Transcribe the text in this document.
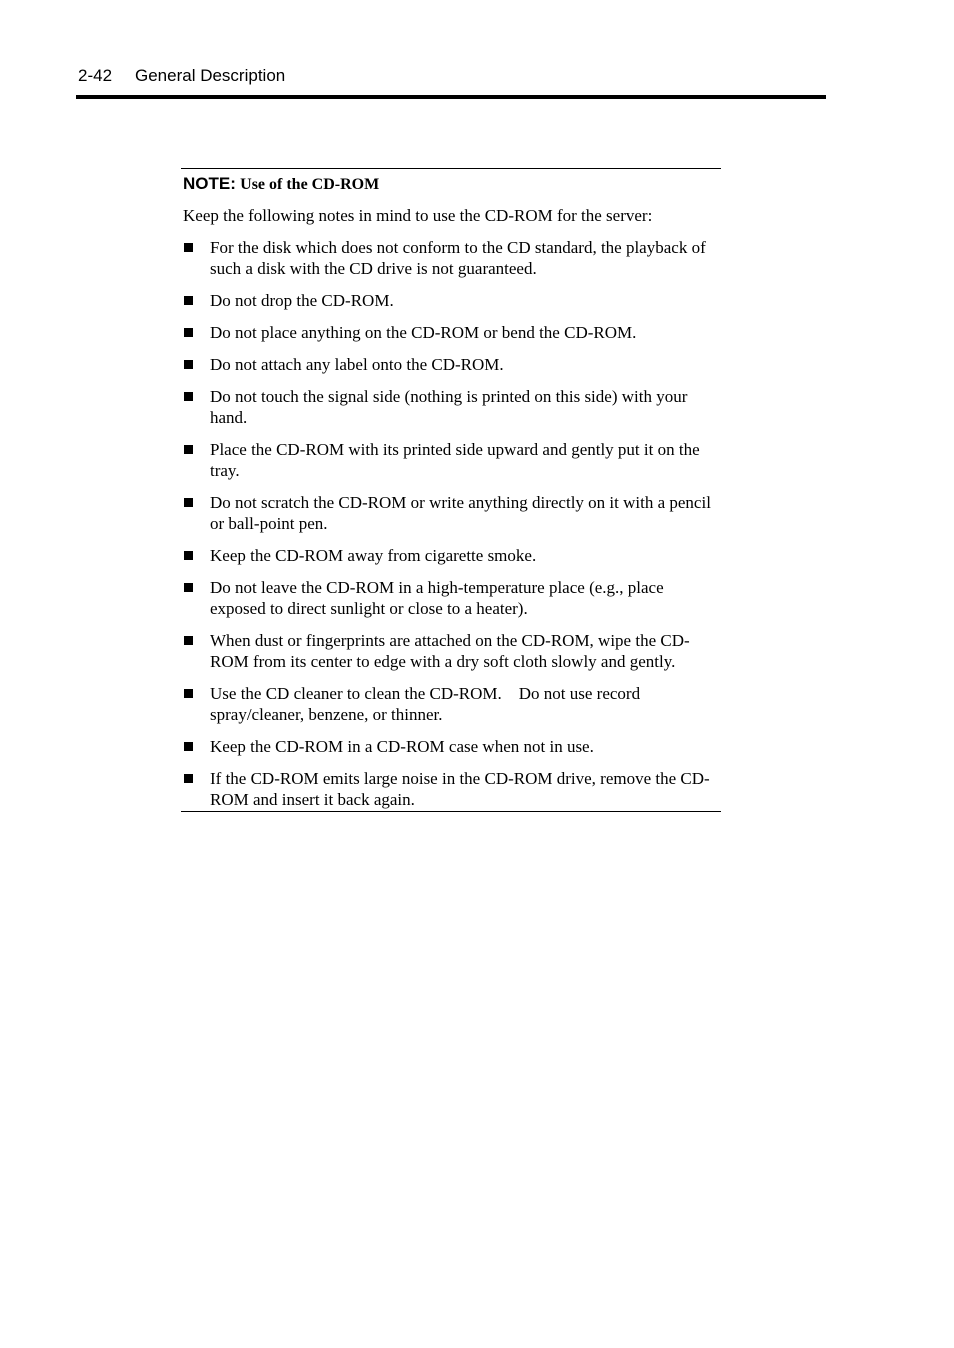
2-42 General Description
NOTE: Use of the CD-ROM
Keep the following notes in mind to use the CD-ROM for the server:
For the disk which does not conform to the CD standard, the playback of such a disk with the CD drive is not guaranteed.
Do not drop the CD-ROM.
Do not place anything on the CD-ROM or bend the CD-ROM.
Do not attach any label onto the CD-ROM.
Do not touch the signal side (nothing is printed on this side) with your hand.
Place the CD-ROM with its printed side upward and gently put it on the tray.
Do not scratch the CD-ROM or write anything directly on it with a pencil or ball-point pen.
Keep the CD-ROM away from cigarette smoke.
Do not leave the CD-ROM in a high-temperature place (e.g., place exposed to direct sunlight or close to a heater).
When dust or fingerprints are attached on the CD-ROM, wipe the CD-ROM from its center to edge with a dry soft cloth slowly and gently.
Use the CD cleaner to clean the CD-ROM. Do not use record spray/cleaner, benzene, or thinner.
Keep the CD-ROM in a CD-ROM case when not in use.
If the CD-ROM emits large noise in the CD-ROM drive, remove the CD-ROM and insert it back again.
